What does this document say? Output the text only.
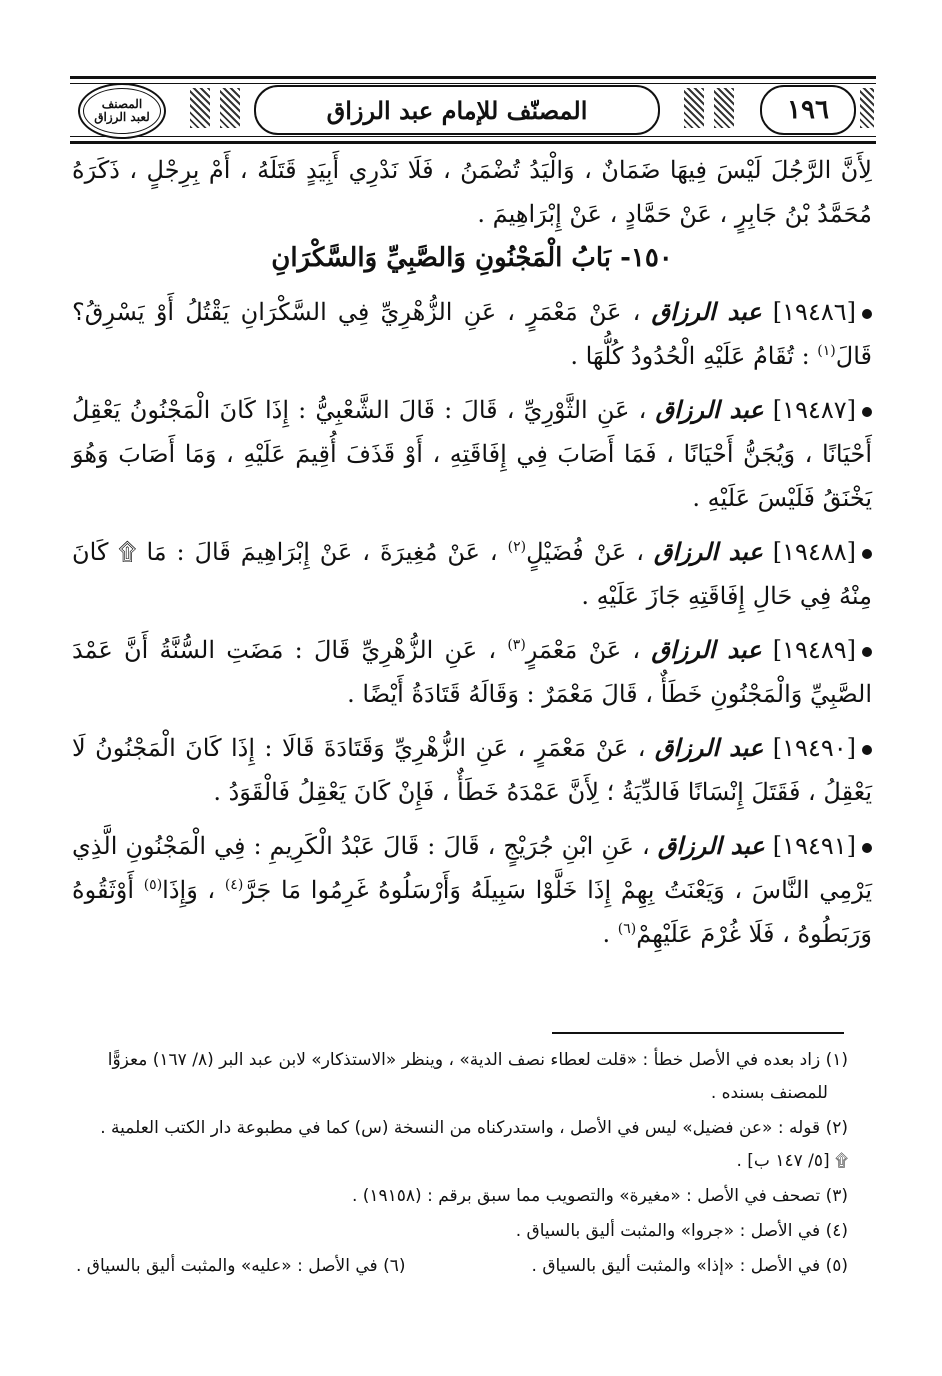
المصنف
لعبد الرزاق	المصنّف للإمام عبد الرزاق	١٩٦

لِأَنَّ الرَّجُلَ لَيْسَ فِيهَا ضَمَانٌ ، وَالْيَدُ تُضْمَنُ ، فَلَا نَدْرِي أَبِيَدٍ قَتَلَهُ ، أَمْ بِرِجْلٍ ، ذَكَرَهُ مُحَمَّدُ بْنُ جَابِرٍ ، عَنْ حَمَّادٍ ، عَنْ إِبْرَاهِيمَ .

١٥٠- بَابُ الْمَجْنُونِ وَالصَّبِيِّ وَالسَّكْرَانِ

[١٩٤٨٦] عبد الرزاق ، عَنْ مَعْمَرٍ ، عَنِ الزُّهْرِيِّ فِي السَّكْرَانِ يَقْتُلُ أَوْ يَسْرِقُ؟ قَالَ$^{(١)}$ : تُقَامُ عَلَيْهِ الْحُدُودُ كُلُّهَا .

[١٩٤٨٧] عبد الرزاق ، عَنِ الثَّوْرِيِّ ، قَالَ : قَالَ الشَّعْبِيُّ : إِذَا كَانَ الْمَجْنُونُ يَعْقِلُ أَحْيَانًا ، وَيُجَنُّ أَحْيَانًا ، فَمَا أَصَابَ فِي إِفَاقَتِهِ ، أَوْ قَذَفَ أُقِيمَ عَلَيْهِ ، وَمَا أَصَابَ وَهُوَ يَخْنَقُ فَلَيْسَ عَلَيْهِ .

[١٩٤٨٨] عبد الرزاق ، عَنْ فُضَيْلٍ$^{(٢)}$ ، عَنْ مُغِيرَةَ ، عَنْ إِبْرَاهِيمَ قَالَ : مَا ۩ كَانَ مِنْهُ فِي حَالِ إِفَاقَتِهِ جَازَ عَلَيْهِ .

[١٩٤٨٩] عبد الرزاق ، عَنْ مَعْمَرٍ$^{(٣)}$ ، عَنِ الزُّهْرِيِّ قَالَ : مَضَتِ السُّنَّةُ أَنَّ عَمْدَ الصَّبِيِّ وَالْمَجْنُونِ خَطَأٌ ، قَالَ مَعْمَرٌ : وَقَالَهُ قَتَادَةُ أَيْضًا .

[١٩٤٩٠] عبد الرزاق ، عَنْ مَعْمَرٍ ، عَنِ الزُّهْرِيِّ وَقَتَادَةَ قَالَا : إِذَا كَانَ الْمَجْنُونُ لَا يَعْقِلُ ، فَقَتَلَ إِنْسَانًا فَالدِّيَةُ ؛ لِأَنَّ عَمْدَهُ خَطَأٌ ، فَإِنْ كَانَ يَعْقِلُ فَالْقَوَدُ .

[١٩٤٩١] عبد الرزاق ، عَنِ ابْنِ جُرَيْجٍ ، قَالَ : قَالَ عَبْدُ الْكَرِيمِ : فِي الْمَجْنُونِ الَّذِي يَرْمِي النَّاسَ ، وَيَعْنَتُ بِهِمْ إِذَا خَلَّوْا سَبِيلَهُ وَأَرْسَلُوهُ غَرِمُوا مَا جَرَّ$^{(٤)}$ ، وَإِذَا$^{(٥)}$ أَوْثَقُوهُ وَرَبَطُوهُ ، فَلَا غُرْمَ عَلَيْهِمْ$^{(٦)}$ .

(١) زاد بعده في الأصل خطأ : «قلت لعطاء نصف الدية» ، وينظر «الاستذكار» لابن عبد البر (٨/ ١٦٧) معزوًّا
للمصنف بسنده .

(٢) قوله : «عن فضيل» ليس في الأصل ، واستدركناه من النسخة (س) كما في مطبوعة دار الكتب العلمية .
۩ [٥/ ١٤٧ ب] .

(٣) تصحف في الأصل : «مغيرة» والتصويب مما سبق برقم : (١٩١٥٨) .

(٤) في الأصل : «جروا» والمثبت أليق بالسياق .

(٥) في الأصل : «إذا» والمثبت أليق بالسياق .
(٦) في الأصل : «عليه» والمثبت أليق بالسياق .
